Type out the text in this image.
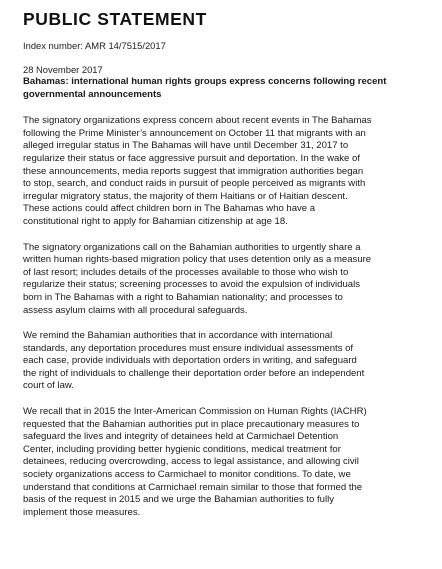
PUBLIC STATEMENT

Index number: AMR 14/7515/2017

28 November 2017

Bahamas: international human rights groups express concerns following recent
governmental announcements

The signatory organizations express concern about recent events in The Bahamas
following the Prime Minister’s announcement on October 11 that migrants with an
alleged irregular status in The Bahamas will have until December 31, 2017 to
regularize their status or face aggressive pursuit and deportation. In the wake of
these announcements, media reports suggest that immigration authorities began
to stop, search, and conduct raids in pursuit of people perceived as migrants with
irregular migratory status, the majority of them Haitians or of Haitian descent.
These actions could affect children born in The Bahamas who have a
constitutional right to apply for Bahamian citizenship at age 18.

The signatory organizations call on the Bahamian authorities to urgently share a
written human rights-based migration policy that uses detention only as a measure
of last resort; includes details of the processes available to those who wish to
regularize their status; screening processes to avoid the expulsion of individuals
born in The Bahamas with a right to Bahamian nationality; and processes to
assess asylum claims with all procedural safeguards.

We remind the Bahamian authorities that in accordance with international
standards, any deportation procedures must ensure individual assessments of
each case, provide individuals with deportation orders in writing, and safeguard
the right of individuals to challenge their deportation order before an independent
court of law.

We recall that in 2015 the Inter-American Commission on Human Rights (IACHR)
requested that the Bahamian authorities put in place precautionary measures to
safeguard the lives and integrity of detainees held at Carmichael Detention
Center, including providing better hygienic conditions, medical treatment for
detainees, reducing overcrowding, access to legal assistance, and allowing civil
society organizations access to Carmichael to monitor conditions. To date, we
understand that conditions at Carmichael remain similar to those that formed the
basis of the request in 2015 and we urge the Bahamian authorities to fully
implement those measures.
